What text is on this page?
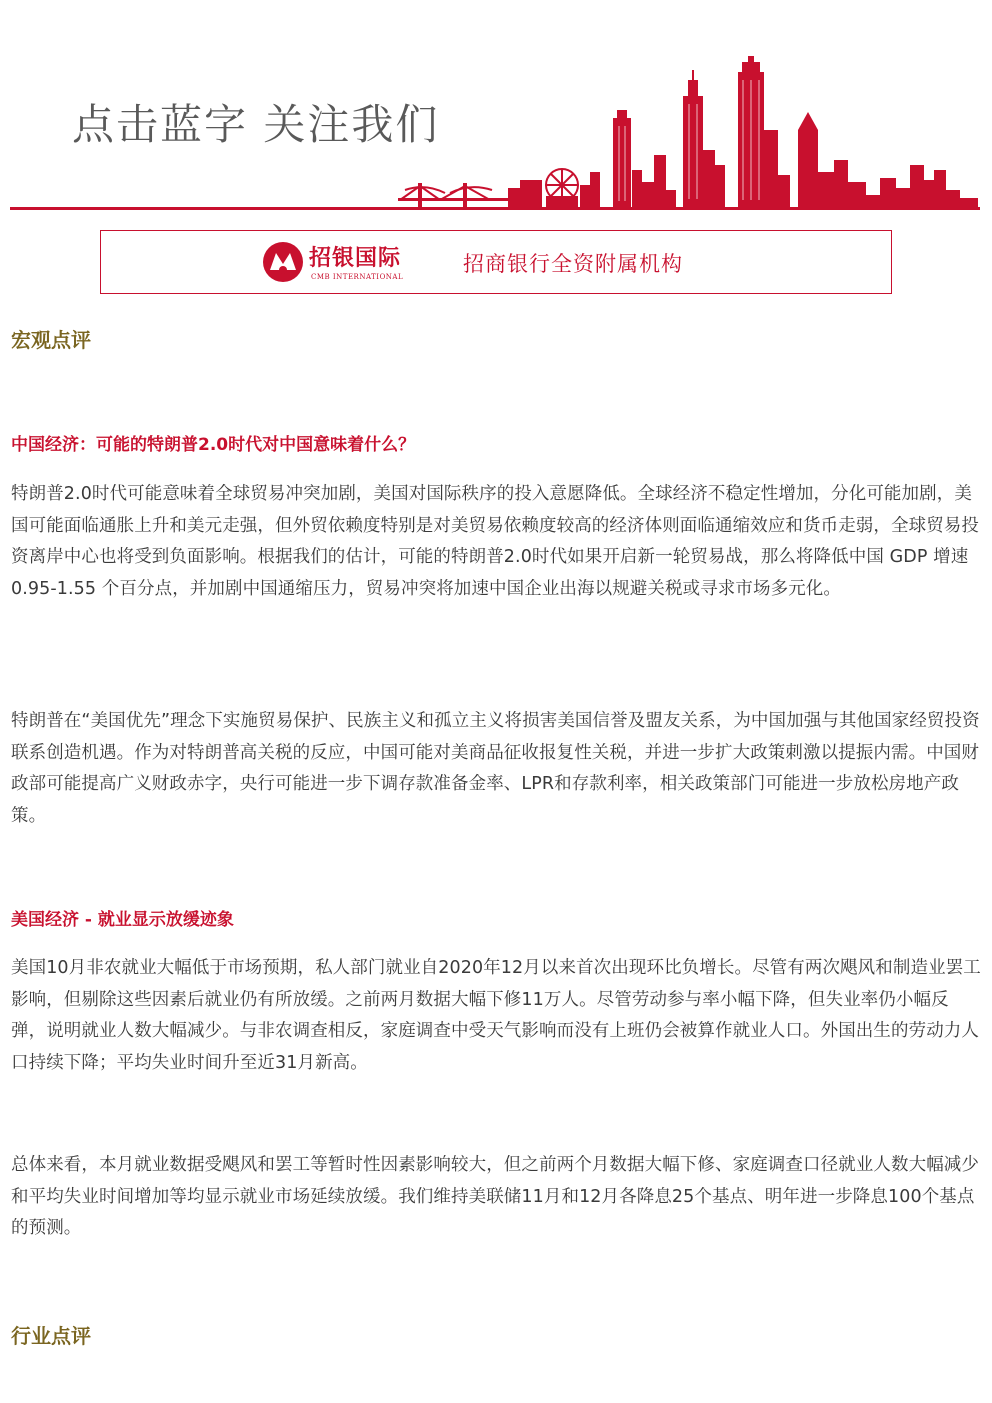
点击蓝字 关注我们
招银国际
CMB INTERNATIONAL
招商银行全资附属机构
宏观点评
中国经济：可能的特朗普2.0时代对中国意味着什么？

特朗普2.0时代可能意味着全球贸易冲突加剧，美国对国际秩序的投入意愿降低。全球经济不稳定性增加，分化可能加剧，美国可能面临通胀上升和美元走强，但外贸依赖度特别是对美贸易依赖度较高的经济体则面临通缩效应和货币走弱，全球贸易投资离岸中心也将受到负面影响。根据我们的估计，可能的特朗普2.0时代如果开启新一轮贸易战，那么将降低中国 GDP 增速0.95-1.55 个百分点，并加剧中国通缩压力，贸易冲突将加速中国企业出海以规避关税或寻求市场多元化。

特朗普在“美国优先”理念下实施贸易保护、民族主义和孤立主义将损害美国信誉及盟友关系，为中国加强与其他国家经贸投资联系创造机遇。作为对特朗普高关税的反应，中国可能对美商品征收报复性关税，并进一步扩大政策刺激以提振内需。中国财政部可能提高广义财政赤字，央行可能进一步下调存款准备金率、LPR和存款利率，相关政策部门可能进一步放松房地产政策。

美国经济 - 就业显示放缓迹象

美国10月非农就业大幅低于市场预期，私人部门就业自2020年12月以来首次出现环比负增长。尽管有两次飓风和制造业罢工影响，但剔除这些因素后就业仍有所放缓。之前两月数据大幅下修11万人。尽管劳动参与率小幅下降，但失业率仍小幅反弹，说明就业人数大幅减少。与非农调查相反，家庭调查中受天气影响而没有上班仍会被算作就业人口。外国出生的劳动力人口持续下降；平均失业时间升至近31月新高。

总体来看，本月就业数据受飓风和罢工等暂时性因素影响较大，但之前两个月数据大幅下修、家庭调查口径就业人数大幅减少和平均失业时间增加等均显示就业市场延续放缓。我们维持美联储11月和12月各降息25个基点、明年进一步降息100个基点的预测。

行业点评
